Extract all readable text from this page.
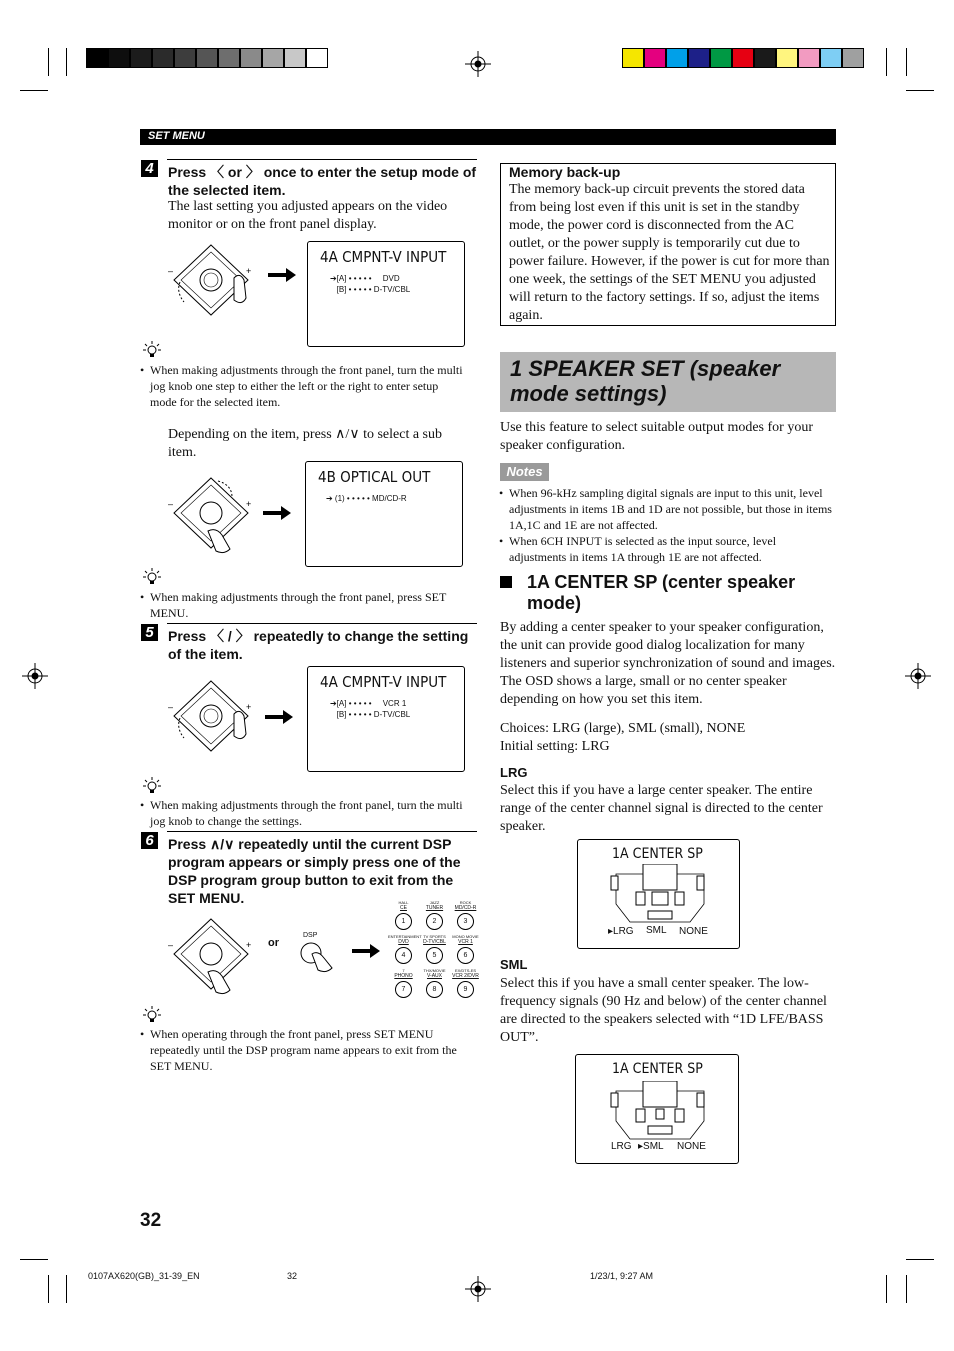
SET MENU
4	Press 〈 or 〉 once to enter the setup mode of the selected item.
The last setting you adjusted appears on the video monitor or on the front panel display.
–	+
4A CMPNT-V INPUT
➔[A] • • • • •     DVD
[B] • • • • • D-TV/CBL
• When making adjustments through the front panel, turn the multi jog knob one step to either the left or the right to enter setup mode for the selected item.
Depending on the item, press ∧/∨ to select a sub item.
–	+
4B OPTICAL OUT
➔ (1) • • • • • MD/CD-R
• When making adjustments through the front panel, press SET MENU.
5	Press 〈 / 〉 repeatedly to change the setting of the item.
–	+
4A CMPNT-V INPUT
➔[A] • • • • •     VCR 1
[B] • • • • • D-TV/CBL
• When making adjustments through the front panel, turn the multi jog knob to change the settings.
6	Press ∧/∨ repeatedly until the current DSP program appears or simply press one of the DSP program group button to exit from the SET MENU.
–	+ or
DSP
HALL
CE
1
JAZZ
TUNER
2
ROCK
MD/CD-R
3
ENTERTAINMENT
DVD
4
TV SPORTS
D-TV/CBL
5
MONO MOVIE
VCR 1
6
7
PHONO
7
THX/MOVIE
V-AUX
8
EX/DTS-ES
VCR 2/DVR
9
• When operating through the front panel, press SET MENU repeatedly until the DSP program name appears to exit from the SET MENU.
32
Memory back-up
The memory back-up circuit prevents the stored data from being lost even if this unit is set in the standby mode, the power cord is disconnected from the AC outlet, or the power supply is temporarily cut due to power failure. However, if the power is cut for more than one week, the settings of the SET MENU you adjusted will return to the factory settings. If so, adjust the items again.
1 SPEAKER SET (speaker mode settings)
Use this feature to select suitable output modes for your speaker configuration.
Notes
• When 96-kHz sampling digital signals are input to this unit, level adjustments in items 1B and 1D are not possible, but those in items 1A,1C and 1E are not affected.
• When 6CH INPUT is selected as the input source, level adjustments in items 1A through 1E are not affected.
1A CENTER SP (center speaker mode)
By adding a center speaker to your speaker configuration, the unit can provide good dialog localization for many listeners and superior synchronization of sound and images. The OSD shows a large, small or no center speaker depending on how you set this item.
Choices: LRG (large), SML (small), NONE
Initial setting: LRG
LRG
Select this if you have a large center speaker. The entire range of the center channel signal is directed to the center speaker.
1A CENTER SP
▸LRG SML NONE
SML
Select this if you have a small center speaker. The low-frequency signals (90 Hz and below) of the center channel are directed to the speakers selected with “1D LFE/BASS OUT”.
1A CENTER SP
LRG ▸SML NONE
0107AX620(GB)_31-39_EN	32	1/23/1, 9:27 AM
